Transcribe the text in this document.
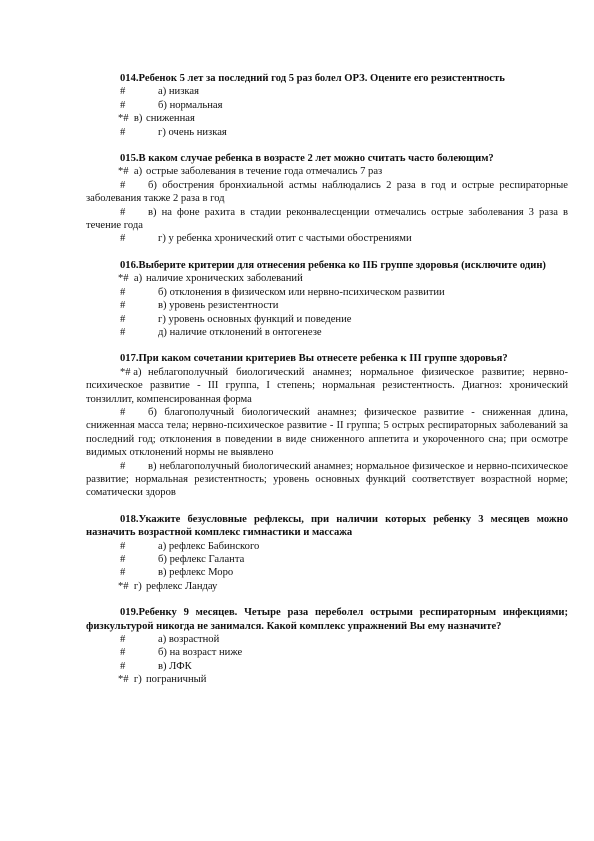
014.Ребенок 5 лет за последний год 5 раз болел ОРЗ. Оцените его резистентность
#	а) низкая
#	б) нормальная
*#  в) сниженная
#	г) очень низкая
015.В каком случае ребенка в возрасте 2 лет можно считать часто болеющим?
*#  а) острые заболевания в течение года отмечались 7 раз
# б) обострения бронхиальной астмы наблюдались 2 раза в год и острые респираторные заболевания также 2 раза в год
# в) на фоне рахита в стадии реконвалесценции отмечались острые заболевания 3 раза в течение года
#	г) у ребенка хронический отит с частыми обострениями
016.Выберите критерии для отнесения ребенка ко IIБ группе здоровья (исключите один)
*#  а) наличие хронических заболеваний
#	б) отклонения в физическом или нервно-психическом развитии
#	в) уровень резистентности
#	г) уровень основных функций и поведение
#	д) наличие отклонений в онтогенезе
017.При каком сочетании критериев Вы отнесете ребенка к III группе здоровья?
*# а) неблагополучный биологический анамнез; нормальное физическое развитие; нервно-психическое развитие - III группа, I степень; нормальная резистентность. Диагноз: хронический тонзиллит, компенсированная форма
# б) благополучный биологический анамнез; физическое развитие - сниженная длина, сниженная масса тела; нервно-психическое развитие - II группа; 5 острых респираторных заболеваний за последний год; отклонения в поведении в виде сниженного аппетита и укороченного сна; при осмотре видимых отклонений нормы не выявлено
# в) неблагополучный биологический анамнез; нормальное физическое и нервно-психическое развитие; нормальная резистентность; уровень основных функций соответствует возрастной норме; соматически здоров
018.Укажите безусловные рефлексы, при наличии которых ребенку 3 месяцев можно назначить возрастной комплекс гимнастики и массажа
#	а) рефлекс Бабинского
#	б) рефлекс Галанта
#	в) рефлекс Моро
*#  г) рефлекс Ландау
019.Ребенку 9 месяцев. Четыре раза переболел острыми респираторным инфекциями; физкультурой никогда не занимался. Какой комплекс упражнений Вы ему назначите?
#	а) возрастной
#	б) на возраст ниже
#	в) ЛФК
*#  г) пограничный
